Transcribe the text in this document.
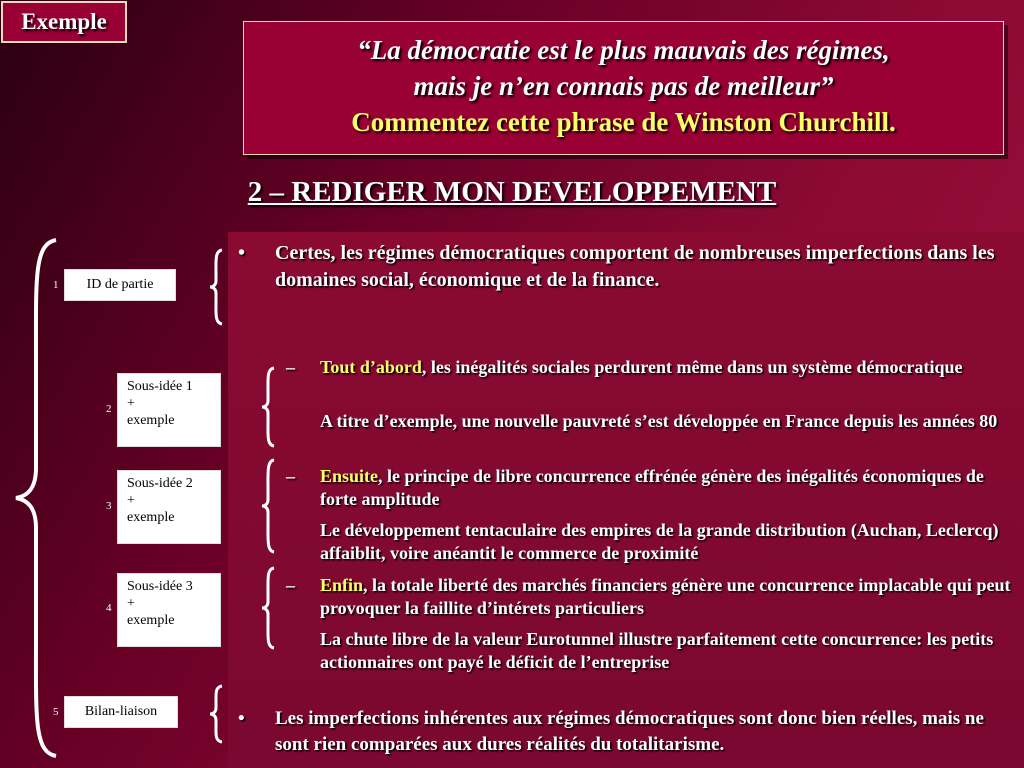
Exemple
“La démocratie est le plus mauvais des régimes,
mais je n’en connais pas de meilleur”
Commentez cette phrase de Winston Churchill.
2 – REDIGER MON DEVELOPPEMENT
1 ID de partie
2
Sous-idée 1
+
exemple
3
Sous-idée 2
+
exemple
4
Sous-idée 3
+
exemple
5 Bilan-liaison
• Certes, les régimes démocratiques comportent de nombreuses imperfections dans les domaines social, économique et de la finance.
– Tout d’abord, les inégalités sociales perdurent même dans un système démocratique
A titre d’exemple, une nouvelle pauvreté s’est développée en France depuis les années 80
– Ensuite, le principe de libre concurrence effrénée génère des inégalités économiques de forte amplitude
Le développement tentaculaire des empires de la grande distribution (Auchan, Leclercq) affaiblit, voire anéantit le commerce de proximité
– Enfin, la totale liberté des marchés financiers génère une concurrence implacable qui peut provoquer la faillite d’intérets particuliers
La chute libre de la valeur Eurotunnel illustre parfaitement cette concurrence: les petits actionnaires ont payé le déficit de l’entreprise
• Les imperfections inhérentes aux régimes démocratiques sont donc bien réelles, mais ne sont rien comparées aux dures réalités du totalitarisme.
